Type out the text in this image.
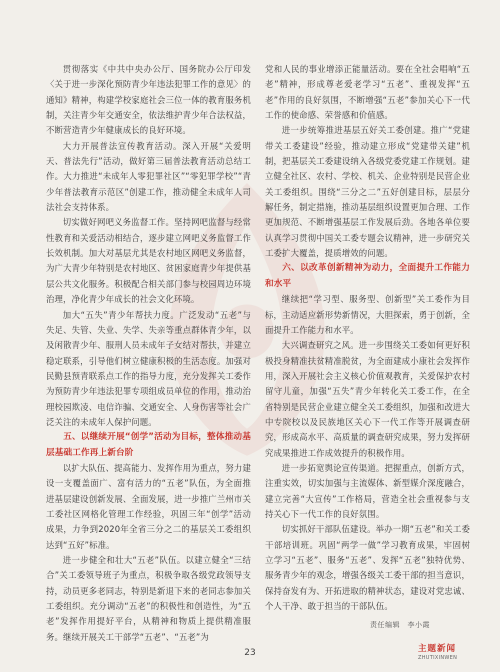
贯彻落实《中共中央办公厅、国务院办公厅印发〈关于进一步深化预防青少年违法犯罪工作的意见〉的通知》精神，构建学校家庭社会三位一体的教育服务机制，关注青少年交通安全，依法维护青少年合法权益，不断营造青少年健康成长的良好环境。

大力开展普法宣传教育活动。深入开展“关爱明天、普法先行”活动，做好第三届普法教育活动总结工作。大力推进“未成年人零犯罪社区”“零犯罪学校”“青少年普法教育示范区”创建工作，推动健全未成年人司法社会支持体系。

切实做好网吧义务监督工作。坚持网吧监督与经常性教育和关爱活动相结合，逐步建立网吧义务监督工作长效机制。加大对基层尤其是农村地区网吧义务监督，为广大青少年特别是农村地区、贫困家庭青少年提供基层公共文化服务。积极配合相关部门参与校园周边环境治理，净化青少年成长的社会文化环境。

加大“五失”青少年帮扶力度。广泛发动“五老”与失足、失管、失业、失学、失亲等重点群体青少年，以及闲散青少年、服刑人员未成年子女结对帮扶，并建立稳定联系，引导他们树立健康积极的生活态度。加强对民勤县预青联系点工作的指导力度，充分发挥关工委作为预防青少年违法犯罪专项组成员单位的作用，推动治理校园欺凌、电信诈骗、交通安全、人身伤害等社会广泛关注的未成年人保护问题。

五、以继续开展“创学”活动为目标，整体推动基层基础工作再上新台阶

以扩大队伍、提高能力、发挥作用为重点，努力建设一支覆盖面广、富有活力的“五老”队伍，为全面推进基层建设创新发展、全面发展，进一步推广兰州市关工委社区网格化管理工作经验，巩固三年“创学”活动成果，力争到2020年全省三分之二的基层关工委组织达到“五好”标准。

进一步健全和壮大“五老”队伍。以建立健全“三结合”关工委领导班子为重点，积极争取各级党政领导支持，动员更多老同志，特别是新退下来的老同志参加关工委组织。充分调动“五老”的积极性和创造性，为“五老”发挥作用提好平台，从精神和物质上提供精准服务。继续开展关工干部学“五老”、“五老”为

党和人民的事业增添正能量活动。要在全社会唱响“五老”精神，形成尊老爱老学习“五老”、重视发挥“五老”作用的良好氛围，不断增强“五老”参加关心下一代工作的使命感、荣誉感和价值感。

进一步统筹推进基层五好关工委创建。推广“党建带关工委建设”经验，推动建立形成“党建带关建”机制，把基层关工委建设纳入各级党委党建工作规划。建立健全社区、农村、学校、机关、企业特别是民营企业关工委组织。围绕“三分之二”五好创建目标，层层分解任务，制定措施，推动基层组织设置更加合理、工作更加规范、不断增强基层工作发展后劲。各地各单位要认真学习贯彻中国关工委专题会议精神，进一步研究关工委扩大覆盖，提质增效的问题。

六、以改革创新精神为动力，全面提升工作能力和水平

继续把“学习型、服务型、创新型”关工委作为目标，主动适应新形势新情况，大胆探索，勇于创新，全面提升工作能力和水平。

大兴调查研究之风。进一步围绕关工委如何更好积极投身精准扶贫精准脱贫，为全面建成小康社会发挥作用，深入开展社会主义核心价值观教育，关爱保护农村留守儿童，加强“五失”青少年转化关工委工作，在全省特别是民营企业建立健全关工委组织，加强和改进大中专院校以及民族地区关心下一代工作等开展调查研究，形成高水平、高质量的调查研究成果，努力发挥研究成果推进工作成效提升的积极作用。

进一步拓宽舆论宣传渠道。把握重点，创新方式，注重实效，切实加强与主流媒体、新型媒介深度融合，建立完善“大宣传”工作格局，营造全社会重视参与支持关心下一代工作的良好氛围。

切实抓好干部队伍建设。举办一期“五老”和关工委干部培训班。巩固“两学一做”学习教育成果，牢固树立学习“五老”、服务“五老”、发挥“五老”独特优势、服务青少年的观念，增强各级关工委干部的担当意识，保持奋发有为、开拓进取的精神状态，建设对党忠诚、个人干净、敢于担当的干部队伍。

责任编辑　李小霞
23	主题新闻
ZHUTIXINWEN
